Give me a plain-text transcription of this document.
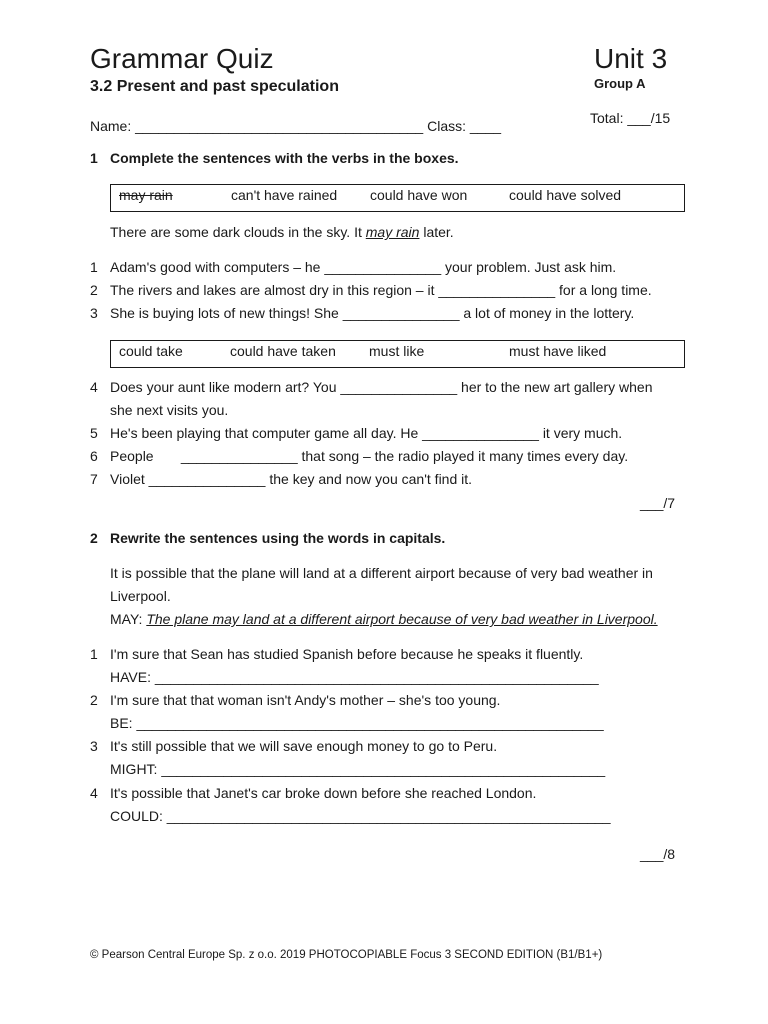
Grammar Quiz	Unit 3
3.2 Present and past speculation	Group A
Total: ___/15
Name: _____________________________________ Class: ____
1 Complete the sentences with the verbs in the boxes.
may rain	can't have rained could have won	could have solved
There are some dark clouds in the sky. It may rain later.
1 Adam's good with computers – he _______________ your problem. Just ask him.
2 The rivers and lakes are almost dry in this region – it _______________ for a long time.
3 She is buying lots of new things! She _______________ a lot of money in the lottery.
could take	could have taken must like	must have liked
4 Does your aunt like modern art? You _______________ her to the new art gallery when
she next visits you.
5 He's been playing that computer game all day. He _______________ it very much.
6 People       _______________ that song – the radio played it many times every day.
7 Violet _______________ the key and now you can't find it.
___/7
2 Rewrite the sentences using the words in capitals.
It is possible that the plane will land at a different airport because of very bad weather in
Liverpool.
MAY: The plane may land at a different airport because of very bad weather in Liverpool.
1 I'm sure that Sean has studied Spanish before because he speaks it fluently.
HAVE: _________________________________________________________
2 I'm sure that that woman isn't Andy's mother – she's too young.
BE: ____________________________________________________________
3 It's still possible that we will save enough money to go to Peru.
MIGHT: _________________________________________________________
4 It's possible that Janet's car broke down before she reached London.
COULD: _________________________________________________________
___/8
© Pearson Central Europe Sp. z o.o. 2019 PHOTOCOPIABLE Focus 3 SECOND EDITION (B1/B1+)
